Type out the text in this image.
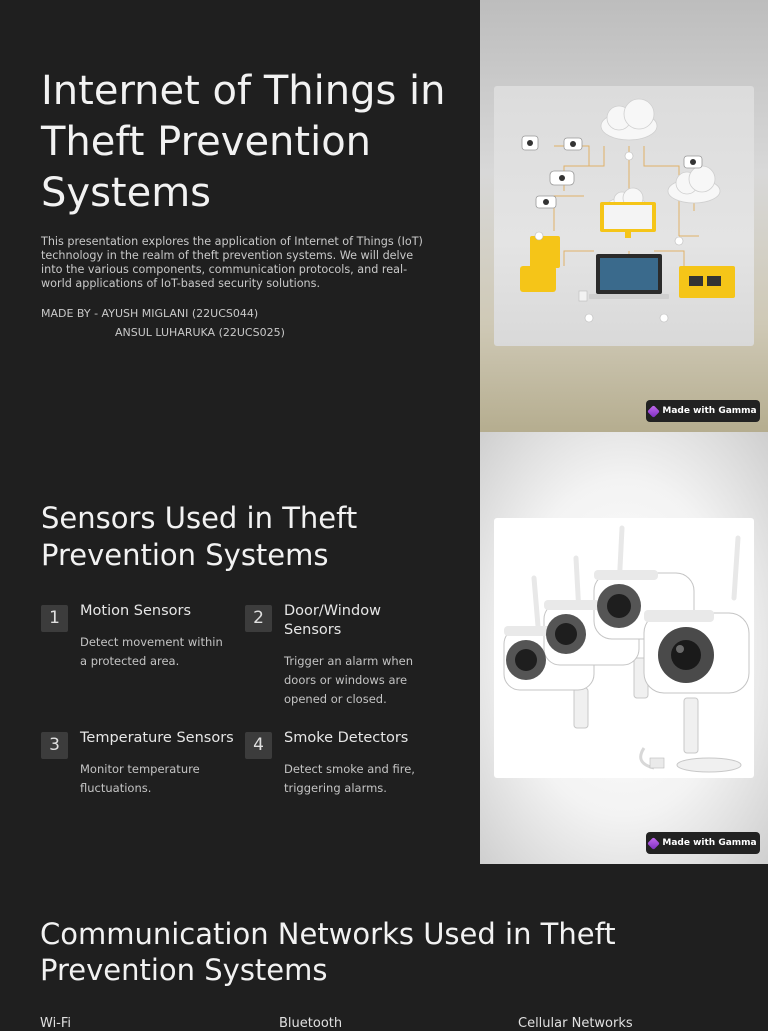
Internet of Things in Theft Prevention Systems

This presentation explores the application of Internet of Things (IoT) technology in the realm of theft prevention systems. We will delve into the various components, communication protocols, and real-world applications of IoT-based security solutions.

MADE BY - AYUSH MIGLANI (22UCS044)
ANSUL LUHARUKA (22UCS025)

Made with Gamma
Made with Gamma
Sensors Used in Theft Prevention Systems
1	Motion Sensors
Detect movement within a protected area.
2	Door/Window Sensors
Trigger an alarm when doors or windows are opened or closed.
3	Temperature Sensors
Monitor temperature fluctuations.
4	Smoke Detectors
Detect smoke and fire, triggering alarms.
Communication Networks Used in Theft Prevention Systems
Wi-Fi	Bluetooth	Cellular Networks
